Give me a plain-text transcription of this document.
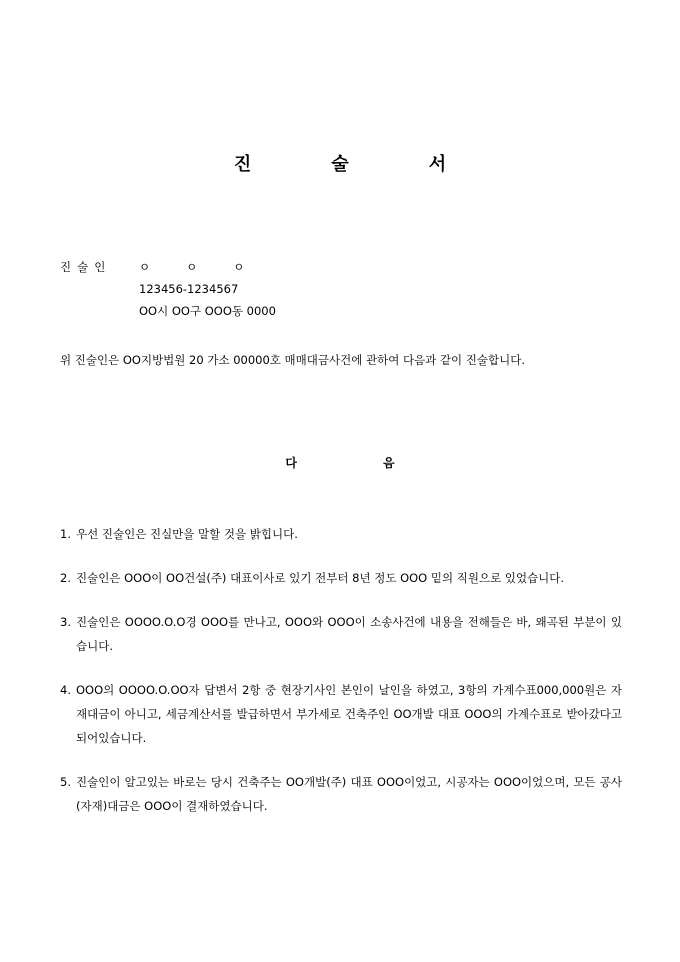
진	술	서
진술인	ㅇ	ㅇ	ㅇ
123456-1234567
OO시 OO구 OOO동 0000
위 진술인은 OO지방법원 20 가소 00000호 매매대금사건에 관하여 다음과 같이 진술합니다.
다	음
1. 우선 진술인은 진실만을 말할 것을 밝힙니다.
2. 진술인은 OOO이 OO건설(주) 대표이사로 있기 전부터 8년 정도 OOO 밑의 직원으로 있었습니다.
3. 진술인은 OOOO.O.O경 OOO를 만나고, OOO와 OOO이 소송사건에 내용을 전해들은 바, 왜곡된 부분이 있습니다.
4. OOO의 OOOO.O.OO자 답변서 2항 중 현장기사인 본인이 날인을 하였고, 3항의 가계수표000,000원은 자재대금이 아니고, 세금계산서를 발급하면서 부가세로 건축주인 OO개발 대표 OOO의 가계수표로 받아갔다고 되어있습니다.
5. 진술인이 알고있는 바로는 당시 건축주는 OO개발(주) 대표 OOO이었고, 시공자는 OOO이었으며, 모든 공사(자재)대금은 OOO이 결재하였습니다.
